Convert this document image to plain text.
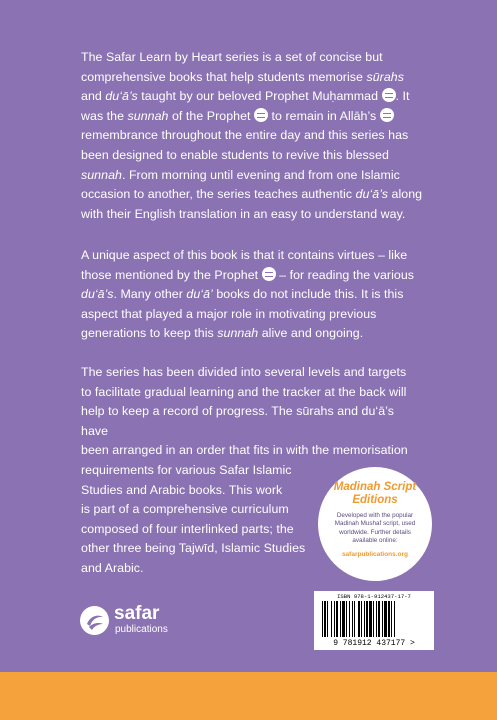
The Safar Learn by Heart series is a set of concise but comprehensive books that help students memorise sūrahs and du‘ā’s taught by our beloved Prophet Muḥammad . It was the sunnah of the Prophet  to remain in Allāh’s  remembrance throughout the entire day and this series has been designed to enable students to revive this blessed sunnah. From morning until evening and from one Islamic occasion to another, the series teaches authentic du‘ā’s along with their English translation in an easy to understand way.

A unique aspect of this book is that it contains virtues – like those mentioned by the Prophet  – for reading the various du‘ā’s. Many other du‘ā’ books do not include this. It is this aspect that played a major role in motivating previous generations to keep this sunnah alive and ongoing.

The series has been divided into several levels and targets
to facilitate gradual learning and the tracker at the back will
help to keep a record of progress. The sūrahs and du‘ā’s have
been arranged in an order that fits in with the memorisation
requirements for various Safar Islamic
Studies and Arabic books. This work
is part of a comprehensive curriculum
composed of four interlinked parts; the
other three being Tajwīd, Islamic Studies
and Arabic.
Madinah Script
Editions
Developed with the popular Madinah Mushaf script, used worldwide. Further details available online:
safarpublications.org
safar
publications
ISBN 978-1-912437-17-7
9 781912 437177 >
